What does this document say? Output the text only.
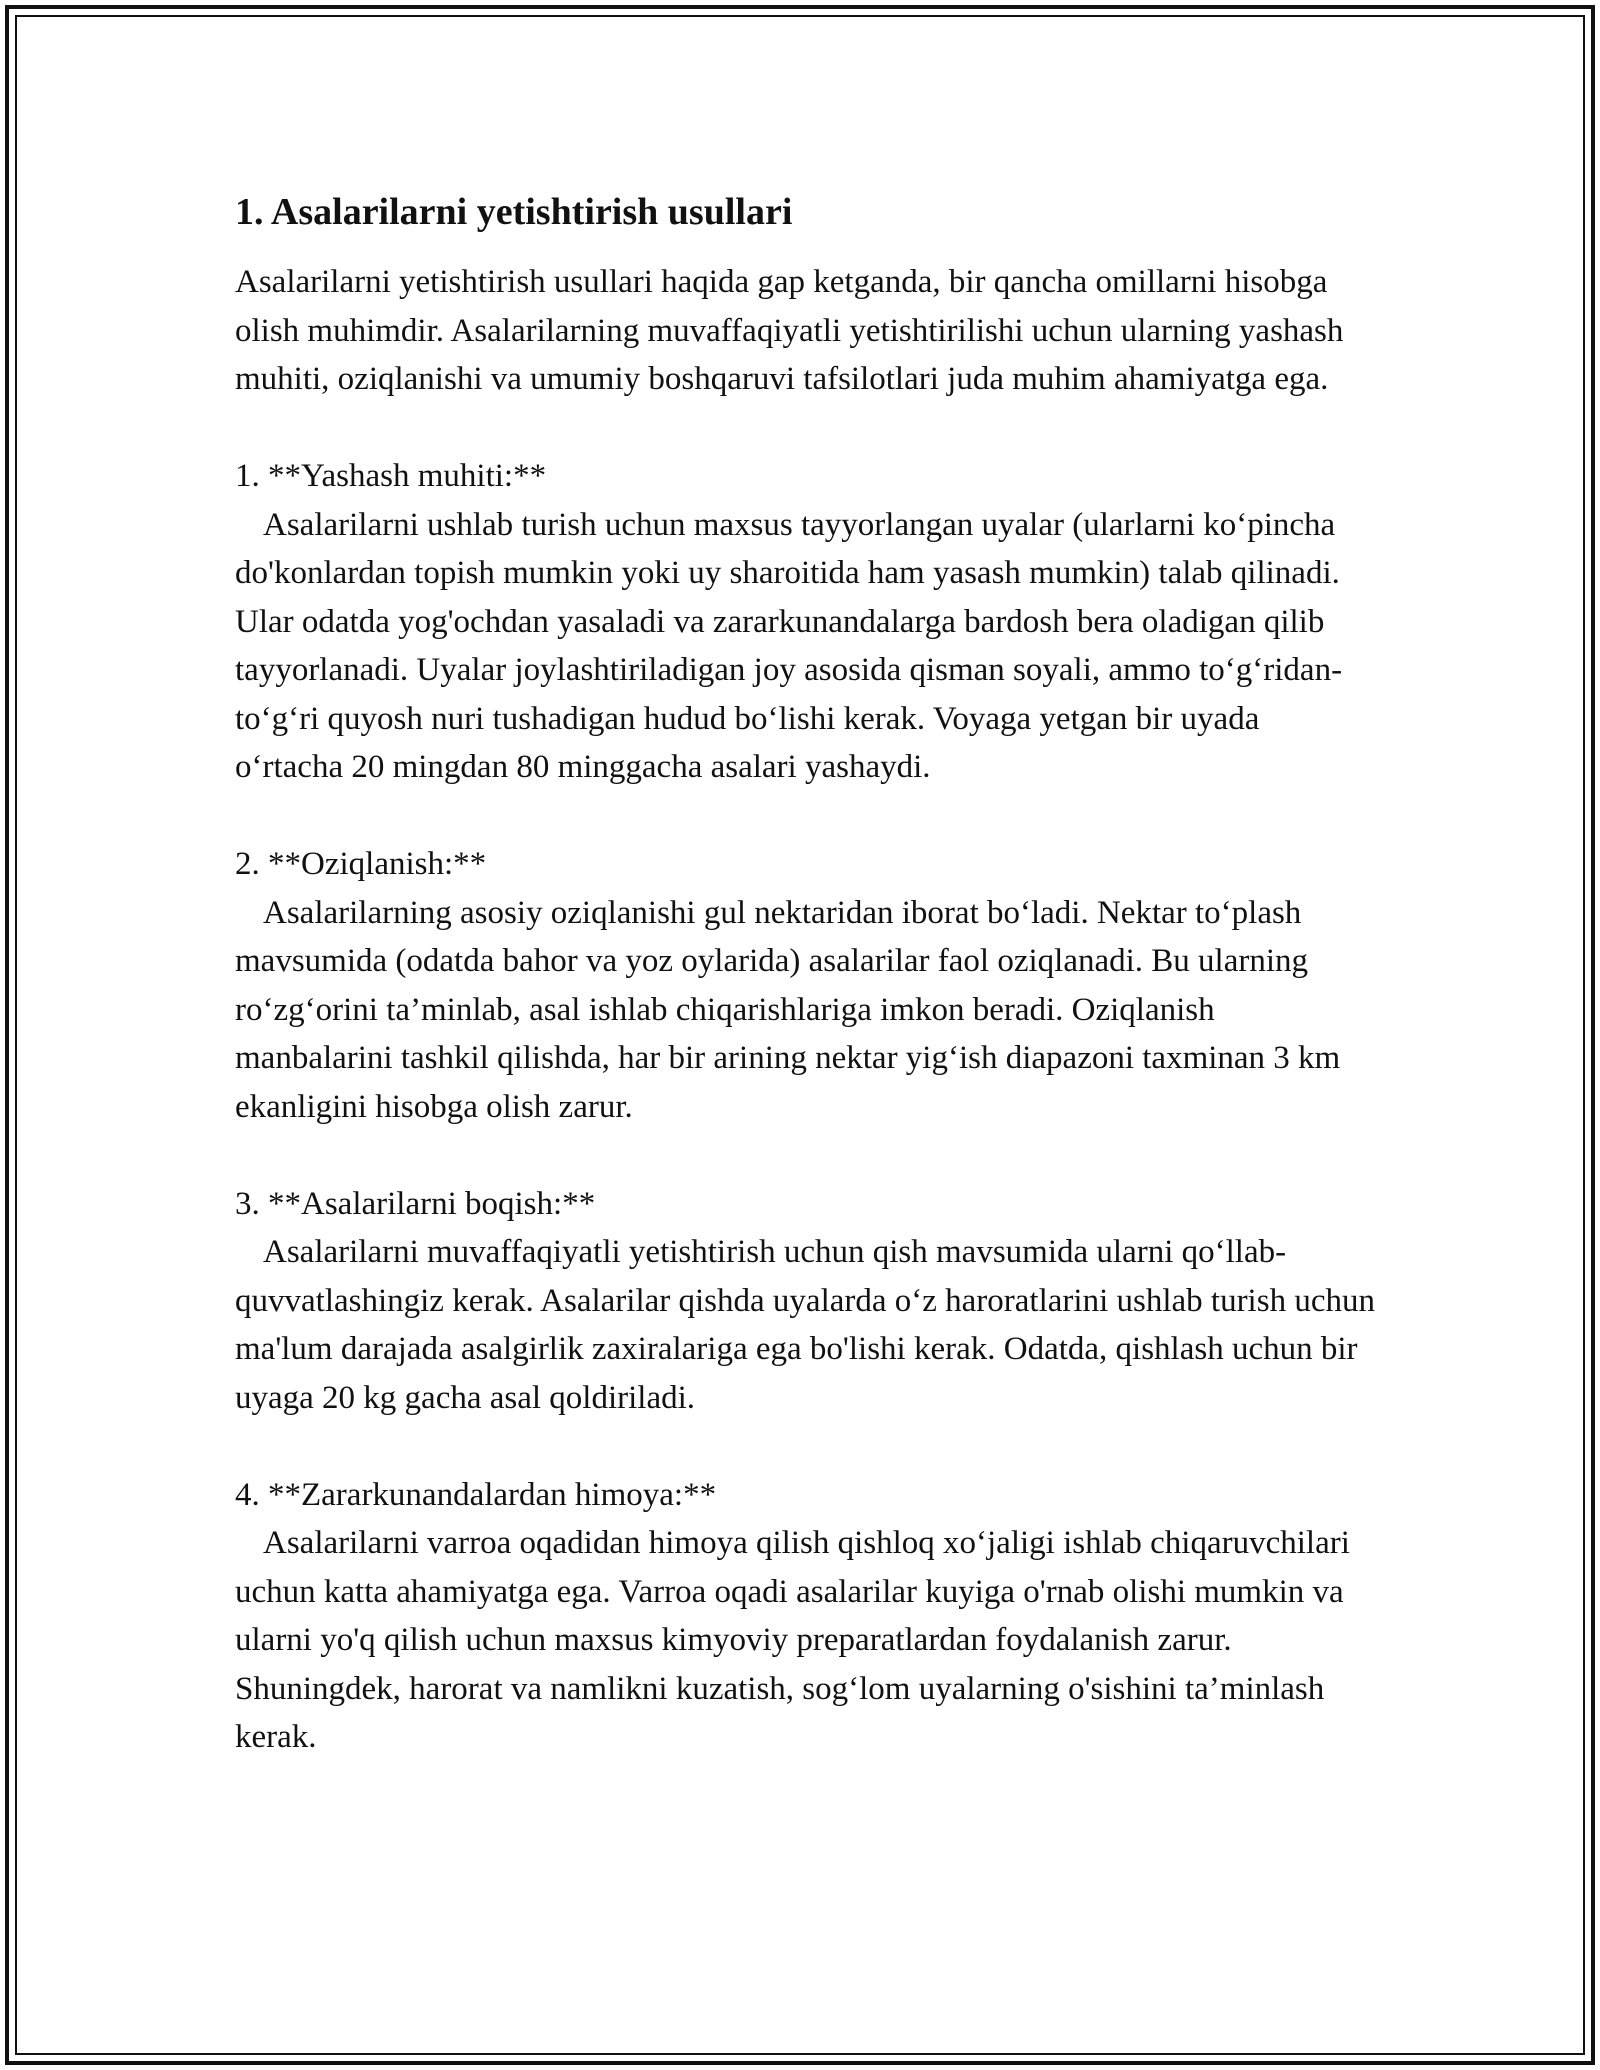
1. Asalarilarni yetishtirish usullari

Asalarilarni yetishtirish usullari haqida gap ketganda, bir qancha omillarni hisobga olish muhimdir. Asalarilarning muvaffaqiyatli yetishtirilishi uchun ularning yashash muhiti, oziqlanishi va umumiy boshqaruvi tafsilotlari juda muhim ahamiyatga ega.

1. **Yashash muhiti:**

Asalarilarni ushlab turish uchun maxsus tayyorlangan uyalar (ularlarni ko‘pincha do'konlardan topish mumkin yoki uy sharoitida ham yasash mumkin) talab qilinadi. Ular odatda yog'ochdan yasaladi va zararkunandalarga bardosh bera oladigan qilib tayyorlanadi. Uyalar joylashtiriladigan joy asosida qisman soyali, ammo to‘g‘ridan-to‘g‘ri quyosh nuri tushadigan hudud bo‘lishi kerak. Voyaga yetgan bir uyada o‘rtacha 20 mingdan 80 minggacha asalari yashaydi.

2. **Oziqlanish:**

Asalarilarning asosiy oziqlanishi gul nektaridan iborat bo‘ladi. Nektar to‘plash mavsumida (odatda bahor va yoz oylarida) asalarilar faol oziqlanadi. Bu ularning ro‘zg‘orini ta’minlab, asal ishlab chiqarishlariga imkon beradi. Oziqlanish manbalarini tashkil qilishda, har bir arining nektar yig‘ish diapazoni taxminan 3 km ekanligini hisobga olish zarur.

3. **Asalarilarni boqish:**

Asalarilarni muvaffaqiyatli yetishtirish uchun qish mavsumida ularni qo‘llab-quvvatlashingiz kerak. Asalarilar qishda uyalarda o‘z haroratlarini ushlab turish uchun ma'lum darajada asalgirlik zaxiralariga ega bo'lishi kerak. Odatda, qishlash uchun bir uyaga 20 kg gacha asal qoldiriladi.

4. **Zararkunandalardan himoya:**

Asalarilarni varroa oqadidan himoya qilish qishloq xo‘jaligi ishlab chiqaruvchilari uchun katta ahamiyatga ega. Varroa oqadi asalarilar kuyiga o'rnab olishi mumkin va ularni yo'q qilish uchun maxsus kimyoviy preparatlardan foydalanish zarur. Shuningdek, harorat va namlikni kuzatish, sog‘lom uyalarning o'sishini ta’minlash kerak.
